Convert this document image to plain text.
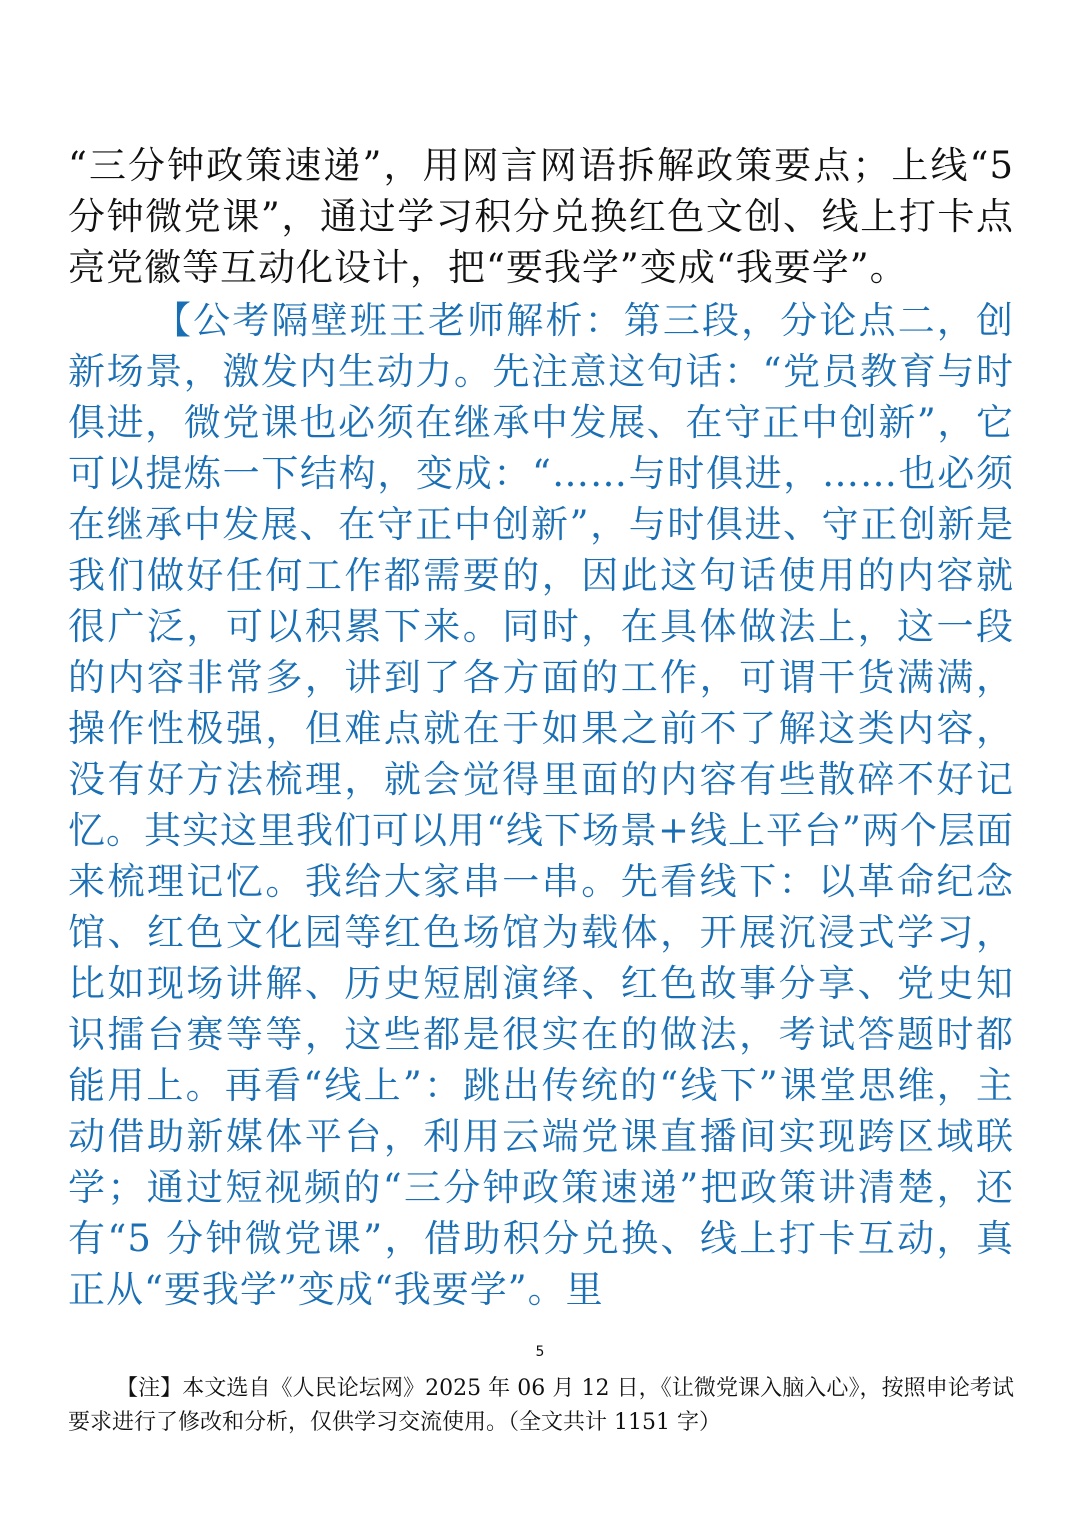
“三分钟政策速递”，用网言网语拆解政策要点；上线“5 分钟微党课”，通过学习积分兑换红色文创、线上打卡点亮党徽等互动化设计，把“要我学”变成“我要学”。

【公考隔壁班王老师解析：第三段，分论点二，创新场景，激发内生动力。先注意这句话：“党员教育与时俱进，微党课也必须在继承中发展、在守正中创新”，它可以提炼一下结构，变成：“……与时俱进，……也必须在继承中发展、在守正中创新”，与时俱进、守正创新是我们做好任何工作都需要的，因此这句话使用的内容就很广泛，可以积累下来。同时，在具体做法上，这一段的内容非常多，讲到了各方面的工作，可谓干货满满，操作性极强，但难点就在于如果之前不了解这类内容，没有好方法梳理，就会觉得里面的内容有些散碎不好记忆。其实这里我们可以用“线下场景+线上平台”两个层面来梳理记忆。我给大家串一串。先看线下：以革命纪念馆、红色文化园等红色场馆为载体，开展沉浸式学习，比如现场讲解、历史短剧演绎、红色故事分享、党史知识擂台赛等等，这些都是很实在的做法，考试答题时都能用上。再看“线上”：跳出传统的“线下”课堂思维，主动借助新媒体平台，利用云端党课直播间实现跨区域联学；通过短视频的“三分钟政策速递”把政策讲清楚，还有“5 分钟微党课”，借助积分兑换、线上打卡互动，真正从“要我学”变成“我要学”。里

5
【注】本文选自《人民论坛网》2025 年 06 月 12 日，《让微党课入脑入心》，按照申论考试要求进行了修改和分析，仅供学习交流使用。（全文共计 1151 字）
